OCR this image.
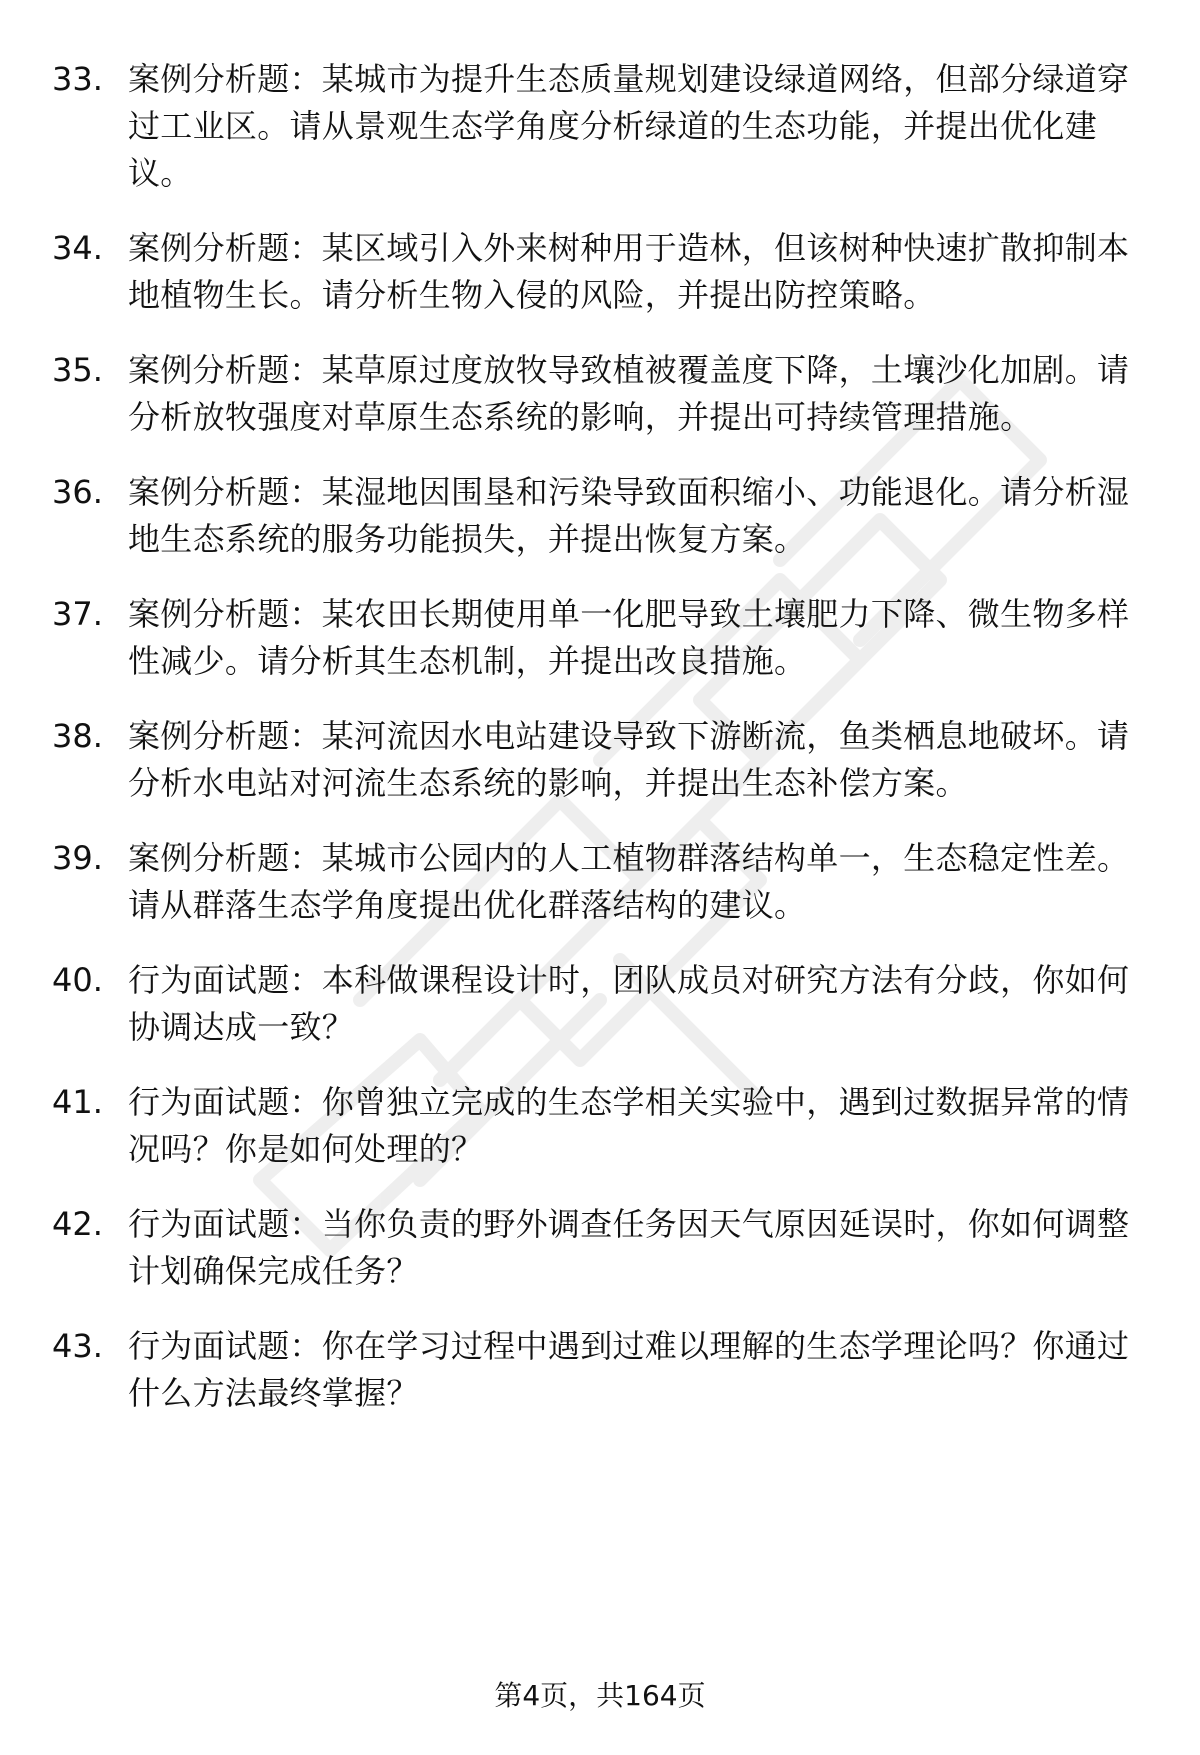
33. 案例分析题：某城市为提升生态质量规划建设绿道网络，但部分绿道穿过工业区。请从景观生态学角度分析绿道的生态功能，并提出优化建议。
34. 案例分析题：某区域引入外来树种用于造林，但该树种快速扩散抑制本地植物生长。请分析生物入侵的风险，并提出防控策略。
35. 案例分析题：某草原过度放牧导致植被覆盖度下降，土壤沙化加剧。请分析放牧强度对草原生态系统的影响，并提出可持续管理措施。
36. 案例分析题：某湿地因围垦和污染导致面积缩小、功能退化。请分析湿地生态系统的服务功能损失，并提出恢复方案。
37. 案例分析题：某农田长期使用单一化肥导致土壤肥力下降、微生物多样性减少。请分析其生态机制，并提出改良措施。
38. 案例分析题：某河流因水电站建设导致下游断流，鱼类栖息地破坏。请分析水电站对河流生态系统的影响，并提出生态补偿方案。
39. 案例分析题：某城市公园内的人工植物群落结构单一，生态稳定性差。请从群落生态学角度提出优化群落结构的建议。
40. 行为面试题：本科做课程设计时，团队成员对研究方法有分歧，你如何协调达成一致？
41. 行为面试题：你曾独立完成的生态学相关实验中，遇到过数据异常的情况吗？你是如何处理的？
42. 行为面试题：当你负责的野外调查任务因天气原因延误时，你如何调整计划确保完成任务？
43. 行为面试题：你在学习过程中遇到过难以理解的生态学理论吗？你通过什么方法最终掌握？
第4页，共164页
